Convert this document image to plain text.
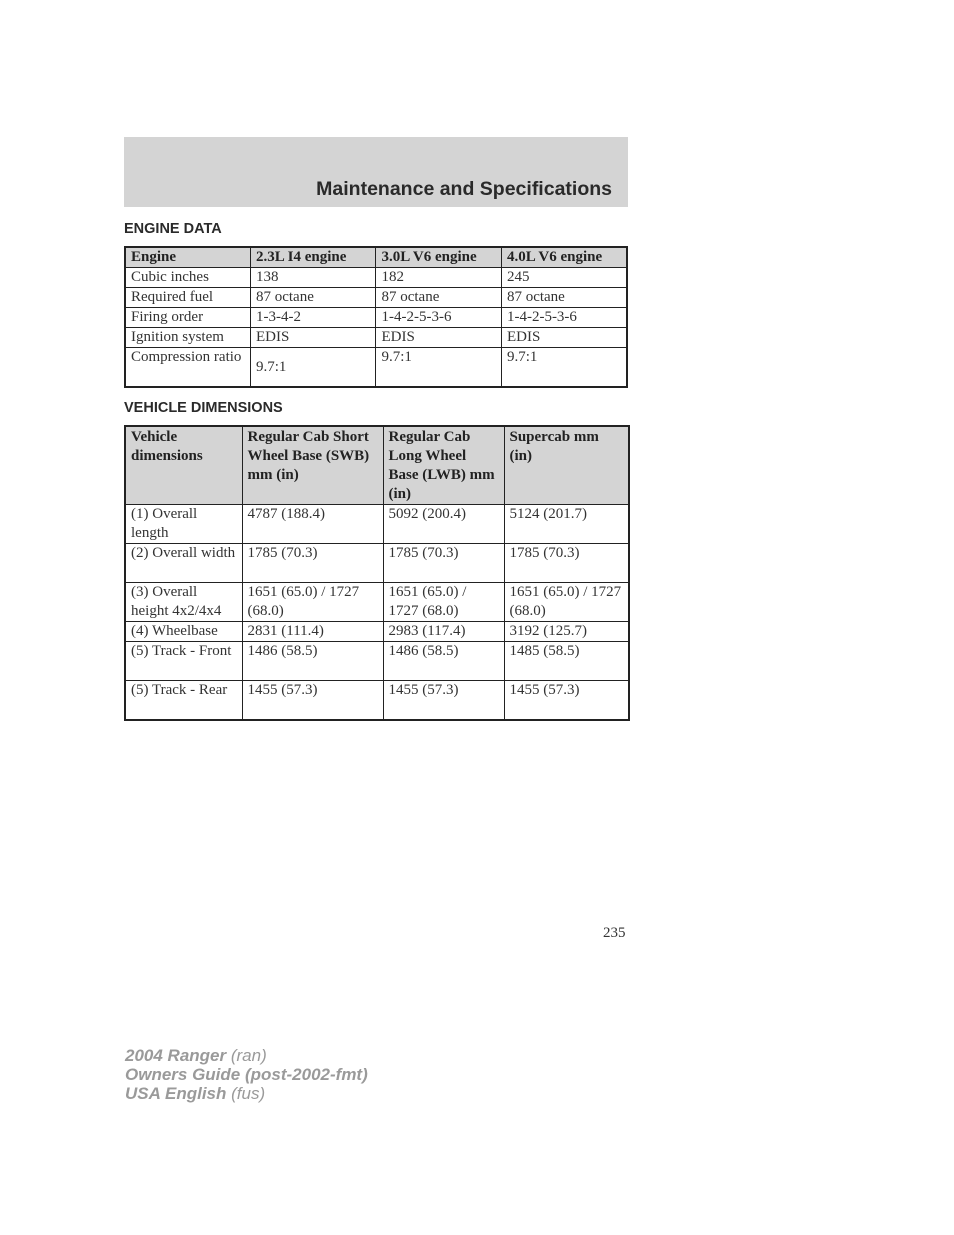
Maintenance and Specifications
ENGINE DATA
Engine	2.3L I4 engine	3.0L V6 engine	4.0L V6 engine
Cubic inches	138	182	245
Required fuel	87 octane	87 octane	87 octane
Firing order	1-3-4-2	1-4-2-5-3-6	1-4-2-5-3-6
Ignition system	EDIS	EDIS	EDIS
Compression ratio	9.7:1	9.7:1	9.7:1
VEHICLE DIMENSIONS
Vehicle dimensions	Regular Cab Short Wheel Base (SWB) mm (in)	Regular Cab Long Wheel Base (LWB) mm (in)	Supercab mm (in)
(1) Overall length	4787 (188.4)	5092 (200.4)	5124 (201.7)
(2) Overall width	1785 (70.3)	1785 (70.3)	1785 (70.3)
(3) Overall height 4x2/4x4	1651 (65.0) / 1727 (68.0)	1651 (65.0) / 1727 (68.0)	1651 (65.0) / 1727 (68.0)
(4) Wheelbase	2831 (111.4)	2983 (117.4)	3192 (125.7)
(5) Track - Front	1486 (58.5)	1486 (58.5)	1485 (58.5)
(5) Track - Rear	1455 (57.3)	1455 (57.3)	1455 (57.3)
235
2004 Ranger (ran)
Owners Guide (post-2002-fmt)
USA English (fus)
